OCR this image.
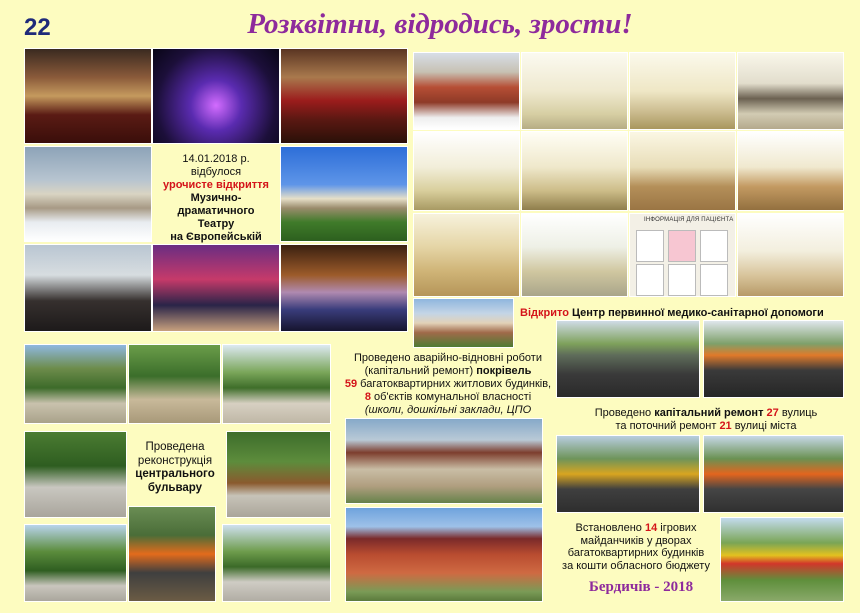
22	Розквітни, відродись, зрости!
14.01.2018 р.
відбулося
урочисте відкриття
Музично-
драматичного
Театру
на Європейській
ІНФОРМАЦІЯ ДЛЯ ПАЦІЄНТА
Відкрито Центр первинної медико-санітарної допомоги
Проведена
реконструкція
центрального
бульвару
Проведено аварійно-відновні роботи
(капітальний ремонт) покрівель
59 багатоквартирних житлових будинків,
8 об'єктів комунальної власності
(школи, дошкільні заклади, ЦПО	Проведено капітальний ремонт 27 вулиць
та поточний ремонт 21 вулиці міста
Встановлено 14 ігрових
майданчиків у дворах
багатоквартирних будинків
за кошти обласного бюджету
Бердичів - 2018
